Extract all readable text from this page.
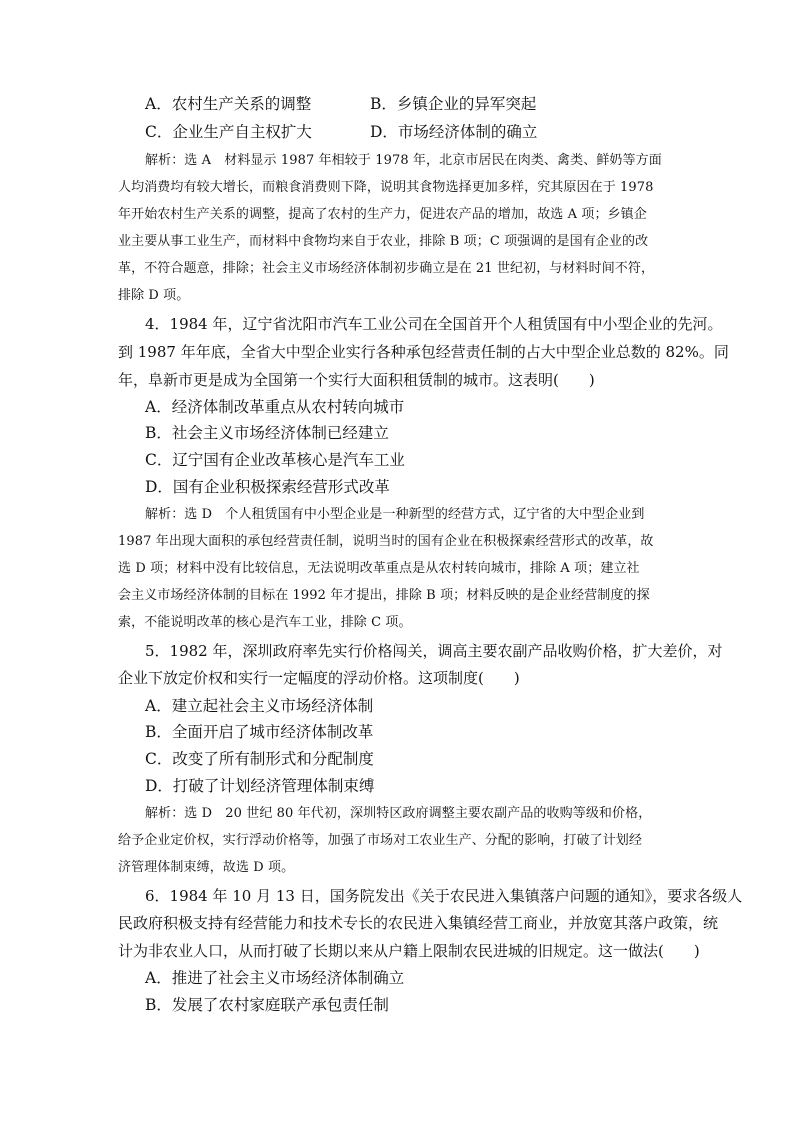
A．农村生产关系的调整	B．乡镇企业的异军突起
C．企业生产自主权扩大	D．市场经济体制的确立
解析：选 A　材料显示 1987 年相较于 1978 年，北京市居民在肉类、禽类、鲜奶等方面
人均消费均有较大增长，而粮食消费则下降，说明其食物选择更加多样，究其原因在于 1978
年开始农村生产关系的调整，提高了农村的生产力，促进农产品的增加，故选 A 项；乡镇企
业主要从事工业生产，而材料中食物均来自于农业，排除 B 项；C 项强调的是国有企业的改
革，不符合题意，排除；社会主义市场经济体制初步确立是在 21 世纪初，与材料时间不符，
排除 D 项。
4．1984 年，辽宁省沈阳市汽车工业公司在全国首开个人租赁国有中小型企业的先河。
到 1987 年年底，全省大中型企业实行各种承包经营责任制的占大中型企业总数的 82%。同
年，阜新市更是成为全国第一个实行大面积租赁制的城市。这表明(　　)
A．经济体制改革重点从农村转向城市
B．社会主义市场经济体制已经建立
C．辽宁国有企业改革核心是汽车工业
D．国有企业积极探索经营形式改革
解析：选 D　个人租赁国有中小型企业是一种新型的经营方式，辽宁省的大中型企业到
1987 年出现大面积的承包经营责任制，说明当时的国有企业在积极探索经营形式的改革，故
选 D 项；材料中没有比较信息，无法说明改革重点是从农村转向城市，排除 A 项；建立社
会主义市场经济体制的目标在 1992 年才提出，排除 B 项；材料反映的是企业经营制度的探
索，不能说明改革的核心是汽车工业，排除 C 项。
5．1982 年，深圳政府率先实行价格闯关，调高主要农副产品收购价格，扩大差价，对
企业下放定价权和实行一定幅度的浮动价格。这项制度(　　)
A．建立起社会主义市场经济体制
B．全面开启了城市经济体制改革
C．改变了所有制形式和分配制度
D．打破了计划经济管理体制束缚
解析：选 D　20 世纪 80 年代初，深圳特区政府调整主要农副产品的收购等级和价格，
给予企业定价权，实行浮动价格等，加强了市场对工农业生产、分配的影响，打破了计划经
济管理体制束缚，故选 D 项。
6．1984 年 10 月 13 日，国务院发出《关于农民进入集镇落户问题的通知》，要求各级人
民政府积极支持有经营能力和技术专长的农民进入集镇经营工商业，并放宽其落户政策，统
计为非农业人口，从而打破了长期以来从户籍上限制农民进城的旧规定。这一做法(　　)
A．推进了社会主义市场经济体制确立
B．发展了农村家庭联产承包责任制
